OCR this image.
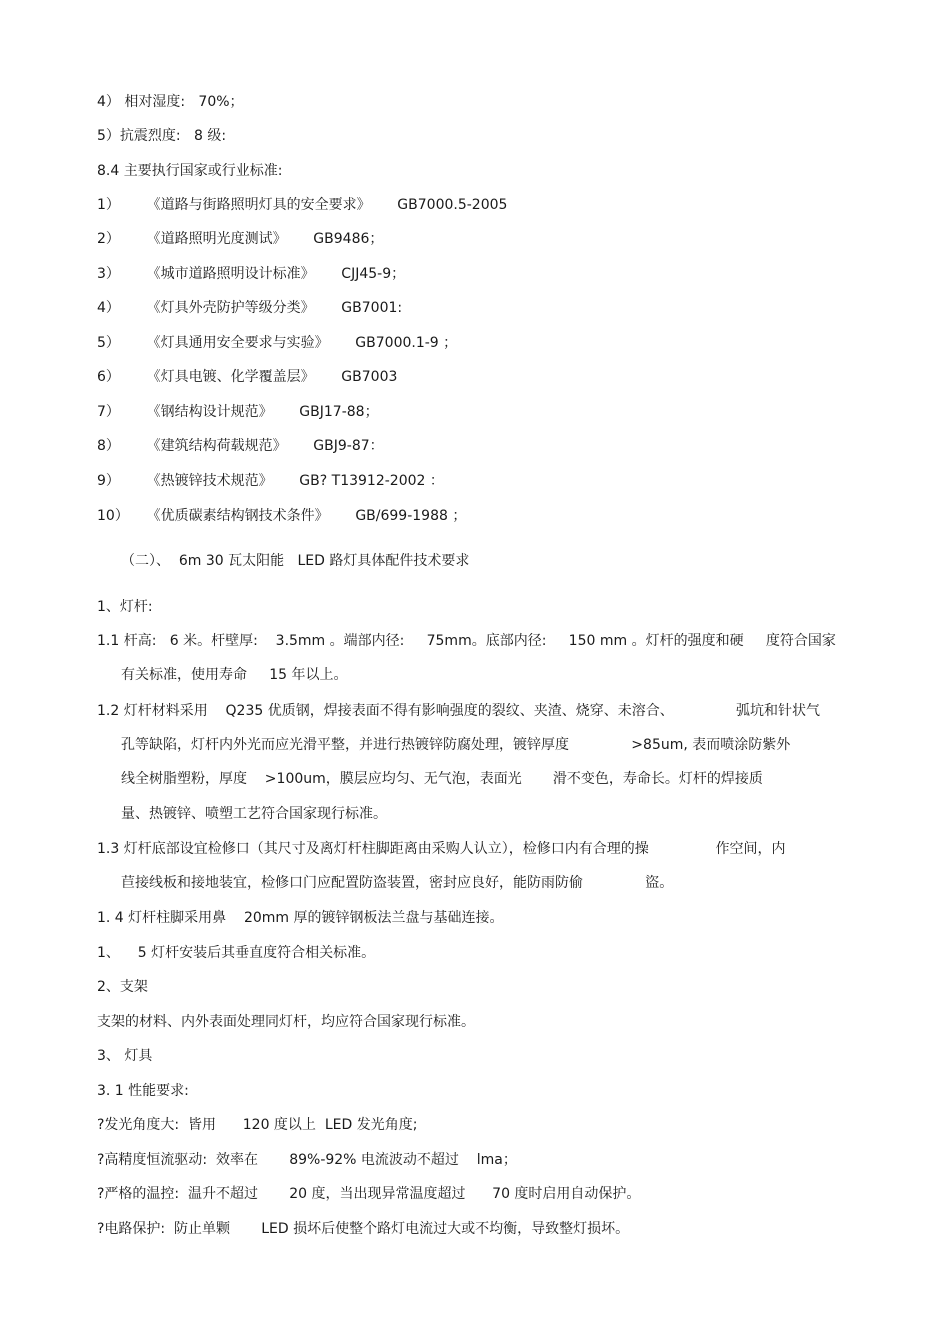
4） 相对湿度:   70%；
5）抗震烈度:   8 级:
8.4 主要执行国家或行业标准:
1）      《道路与街路照明灯具的安全要求》      GB7000.5-2005
2）      《道路照明光度测试》      GB9486；
3）      《城市道路照明设计标准》      CJJ45-9；
4）      《灯具外壳防护等级分类》      GB7001:
5）      《灯具通用安全要求与实验》      GB7000.1-9 ；
6）      《灯具电镀、化学覆盖层》      GB7003
7）      《钢结构设计规范》      GBJ17-88；
8）      《建筑结构荷载规范》      GBJ9-87：
9）      《热镀锌技术规范》      GB? T13912-2002 ：
10）    《优质碳素结构钢技术条件》      GB/699-1988 ；
（二）、  6m 30 瓦太阳能   LED 路灯具体配件技术要求
1、灯杆:
1.1 杆高:   6 米。杆壁厚:    3.5mm 。端部内径:     75mm。底部内径:     150 mm 。灯杆的强度和硬     度符合国家
有关标准，使用寿命     15 年以上。
1.2 灯杆材料采用    Q235 优质钢，焊接表面不得有影响强度的裂纹、夹渣、烧穿、未溶合、              弧坑和针状气
孔等缺陷，灯杆内外光而应光滑平整，并进行热镀锌防腐处理，镀锌厚度              >85um, 表而喷涂防紫外
线全树脂塑粉，厚度    >100um，膜层应均匀、无气泡，表面光       滑不变色，寿命长。灯杆的焊接质
量、热镀锌、喷塑工艺符合国家现行标准。
1.3 灯杆底部设宜检修口（其尺寸及离灯杆柱脚距离由采购人认立），检修口内有合理的操               作空间，内
苣接线板和接地装宜，检修口门应配置防盗装置，密封应良好，能防雨防偷              盜。
1. 4 灯杆柱脚采用鼻    20mm 厚的镀锌钢板法兰盘与基础连接。
1、    5 灯杆安装后其垂直度符合相关标准。
2、支架
支架的材料、内外表面处理同灯杆，均应符合国家现行标准。
3、 灯具
3. 1 性能要求:
?发光角度大:  皆用      120 度以上  LED 发光角度;
?高精度恒流驱动:  效率在       89%-92% 电流波动不超过    lma；
?严格的温控:  温升不超过       20 度，当出现异常温度超过      70 度时启用自动保护。
?电路保护:  防止单颗       LED 损坏后使整个路灯电流过大或不均衡，导致整灯损坏。
